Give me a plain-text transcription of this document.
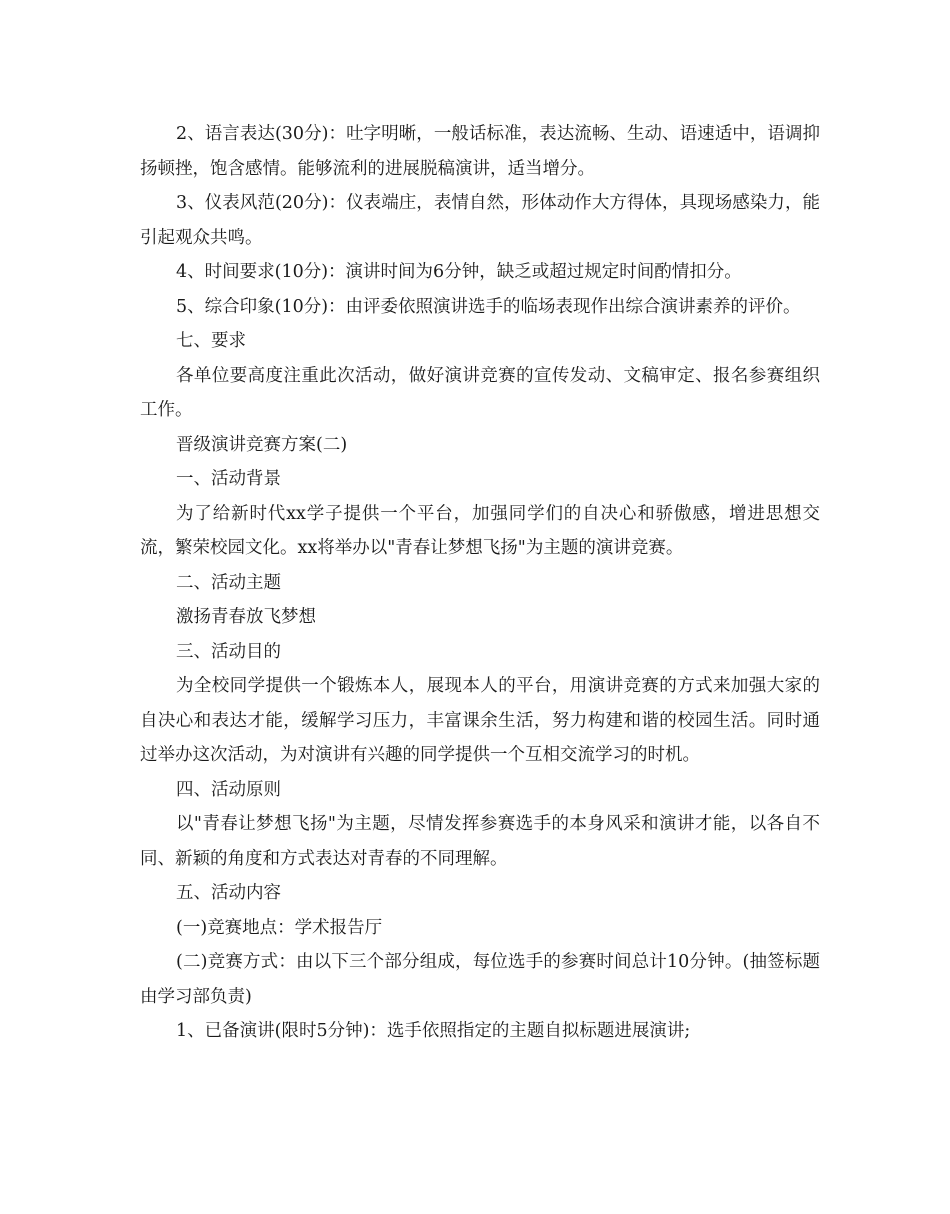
2、语言表达(30分)：吐字明晰，一般话标准，表达流畅、生动、语速适中，语调抑扬顿挫，饱含感情。能够流利的进展脱稿演讲，适当增分。

3、仪表风范(20分)：仪表端庄，表情自然，形体动作大方得体，具现场感染力，能引起观众共鸣。

4、时间要求(10分)：演讲时间为6分钟，缺乏或超过规定时间酌情扣分。

5、综合印象(10分)：由评委依照演讲选手的临场表现作出综合演讲素养的评价。

七、要求

各单位要高度注重此次活动，做好演讲竞赛的宣传发动、文稿审定、报名参赛组织工作。

晋级演讲竞赛方案(二)

一、活动背景

为了给新时代xx学子提供一个平台，加强同学们的自决心和骄傲感，增进思想交流，繁荣校园文化。xx将举办以"青春让梦想飞扬"为主题的演讲竞赛。

二、活动主题

激扬青春放飞梦想

三、活动目的

为全校同学提供一个锻炼本人，展现本人的平台，用演讲竞赛的方式来加强大家的自决心和表达才能，缓解学习压力，丰富课余生活，努力构建和谐的校园生活。同时通过举办这次活动，为对演讲有兴趣的同学提供一个互相交流学习的时机。

四、活动原则

以"青春让梦想飞扬"为主题，尽情发挥参赛选手的本身风采和演讲才能，以各自不同、新颖的角度和方式表达对青春的不同理解。

五、活动内容

(一)竞赛地点：学术报告厅

(二)竞赛方式：由以下三个部分组成，每位选手的参赛时间总计10分钟。(抽签标题由学习部负责)

1、已备演讲(限时5分钟)：选手依照指定的主题自拟标题进展演讲;
